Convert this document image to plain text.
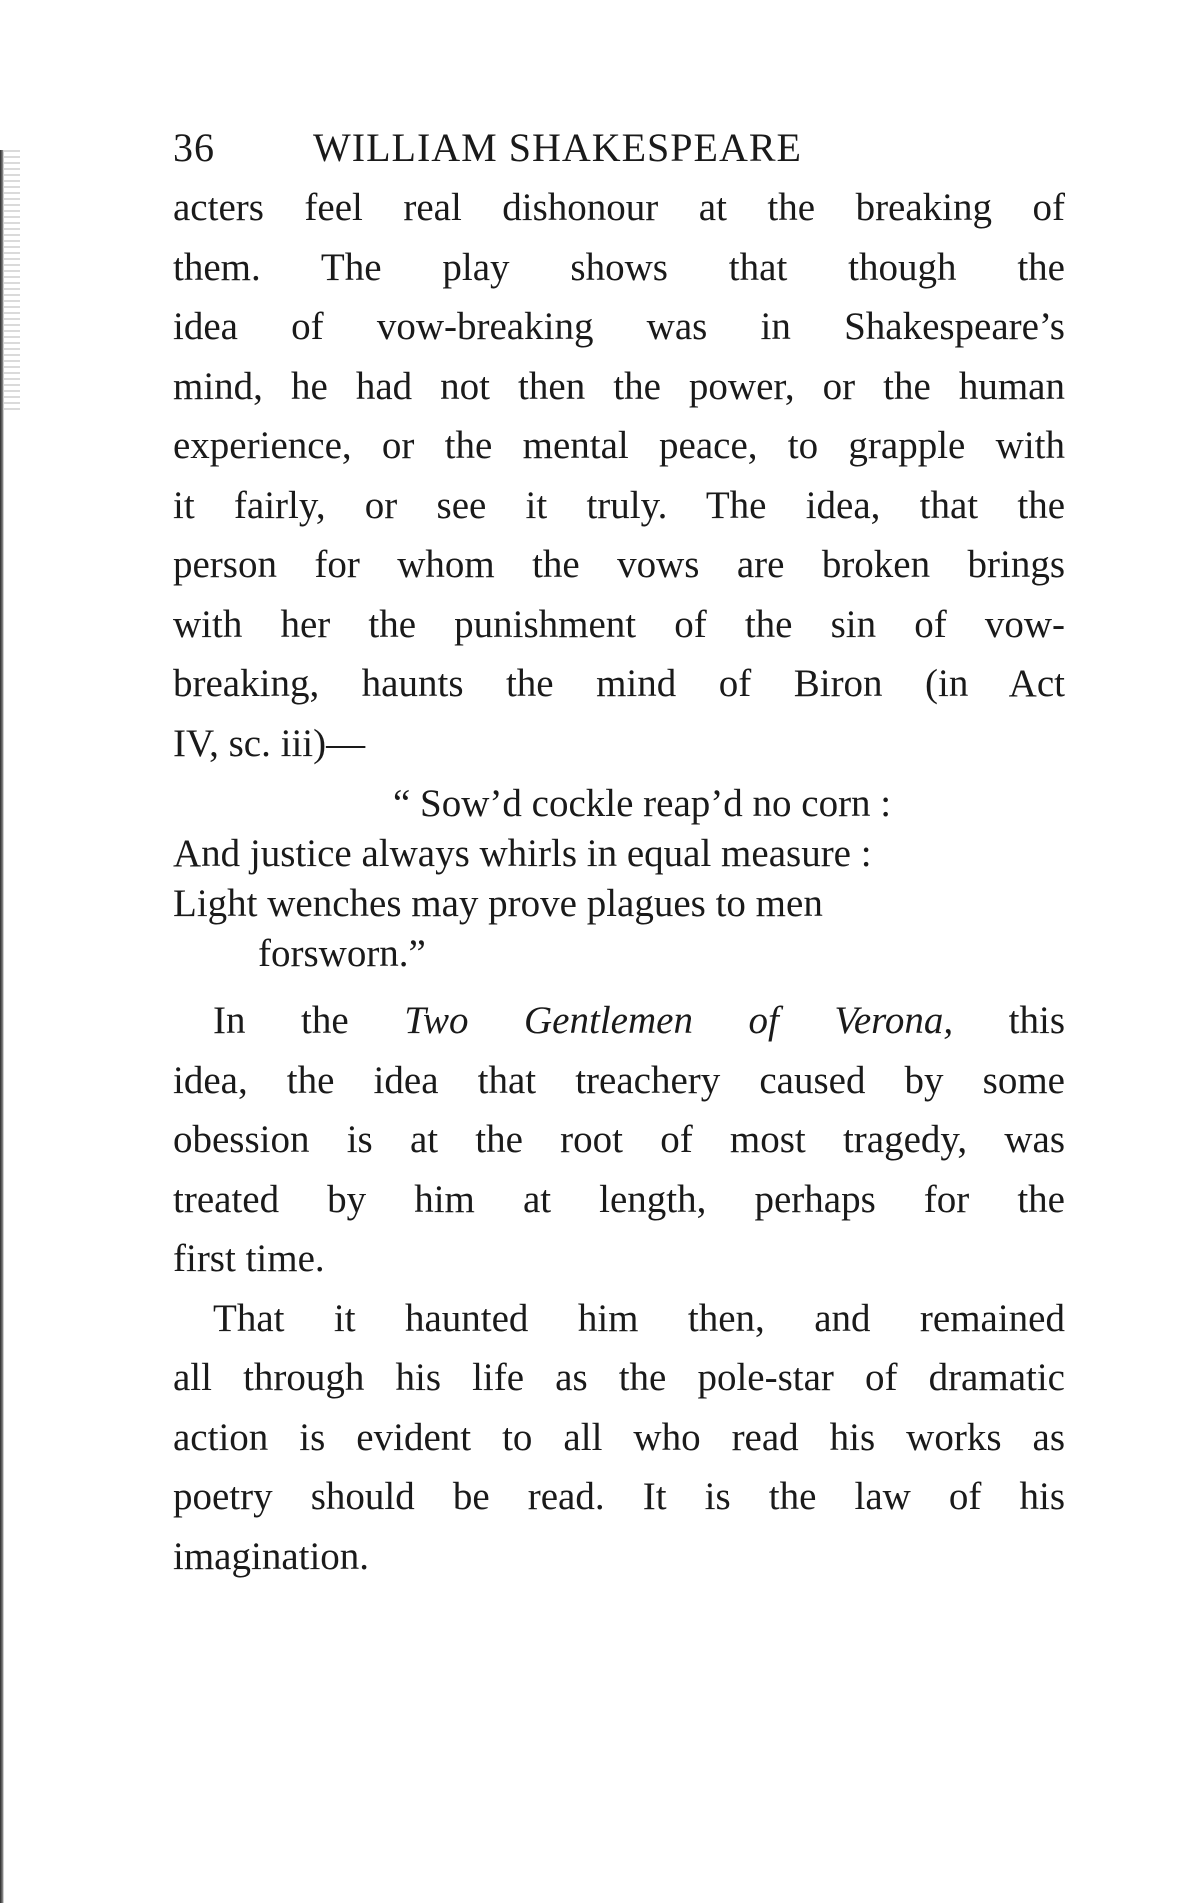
36 WILLIAM SHAKESPEARE
acters feel real dishonour at the breaking of
them. The play shows that though the
idea of vow-breaking was in Shakespeare’s
mind, he had not then the power, or the human
experience, or the mental peace, to grapple with
it fairly, or see it truly. The idea, that the
person for whom the vows are broken brings
with her the punishment of the sin of vow-
breaking, haunts the mind of Biron (in Act
IV, sc. iii)—
“ Sow’d cockle reap’d no corn :
And justice always whirls in equal measure :
Light wenches may prove plagues to men
forsworn.”
In the Two Gentlemen of Verona, this
idea, the idea that treachery caused by some
obession is at the root of most tragedy, was
treated by him at length, perhaps for the
first time.
That it haunted him then, and remained
all through his life as the pole-star of dramatic
action is evident to all who read his works as
poetry should be read. It is the law of his
imagination.
